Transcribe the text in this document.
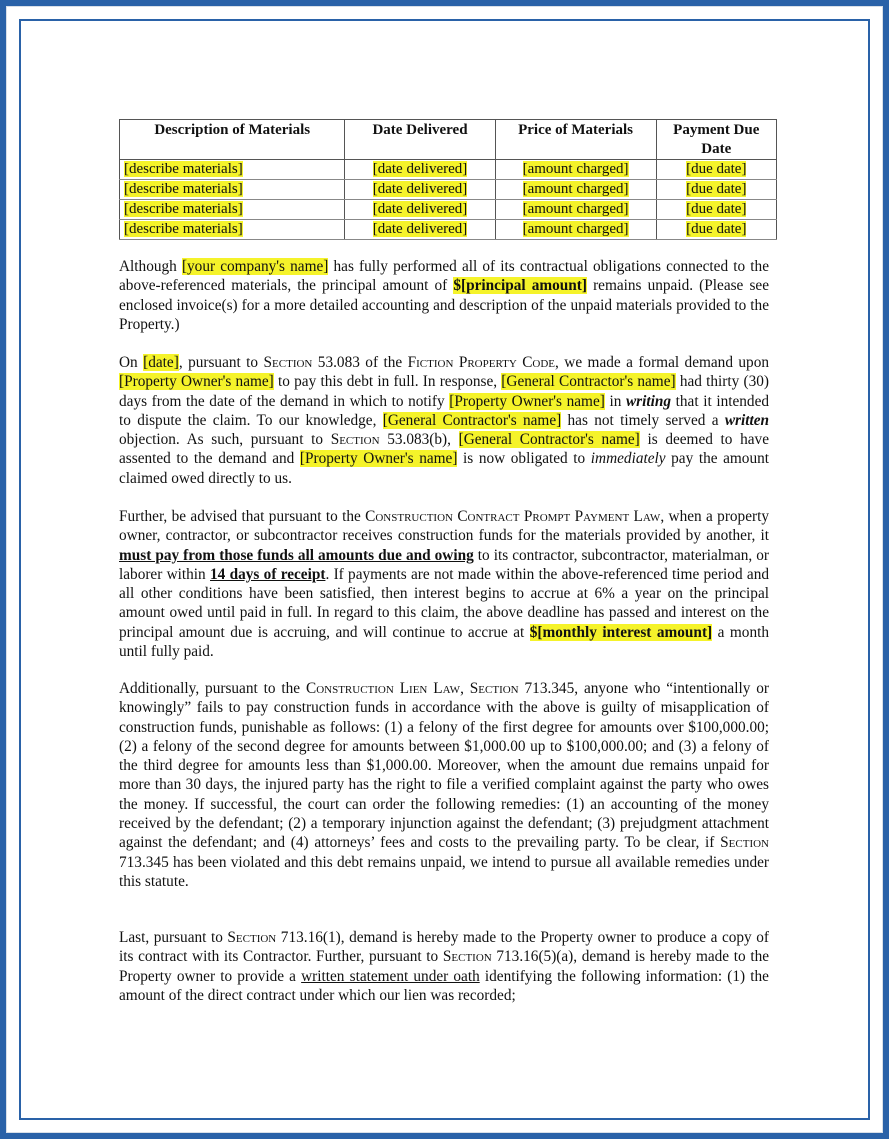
Description of Materials	Date Delivered	Price of Materials	Payment Due Date
[describe materials]	[date delivered]	[amount charged]	[due date]
[describe materials]	[date delivered]	[amount charged]	[due date]
[describe materials]	[date delivered]	[amount charged]	[due date]
[describe materials]	[date delivered]	[amount charged]	[due date]

Although [your company's name] has fully performed all of its contractual obligations connected to the above-referenced materials, the principal amount of $[principal amount] remains unpaid. (Please see enclosed invoice(s) for a more detailed accounting and description of the unpaid materials provided to the Property.)

On [date], pursuant to Section 53.083 of the Fiction Property Code, we made a formal demand upon [Property Owner's name] to pay this debt in full. In response, [General Contractor's name] had thirty (30) days from the date of the demand in which to notify [Property Owner's name] in writing that it intended to dispute the claim. To our knowledge, [General Contractor's name] has not timely served a written objection. As such, pursuant to Section 53.083(b), [General Contractor's name] is deemed to have assented to the demand and [Property Owner's name] is now obligated to immediately pay the amount claimed owed directly to us.

Further, be advised that pursuant to the Construction Contract Prompt Payment Law, when a property owner, contractor, or subcontractor receives construction funds for the materials provided by another, it must pay from those funds all amounts due and owing to its contractor, subcontractor, materialman, or laborer within 14 days of receipt. If payments are not made within the above-referenced time period and all other conditions have been satisfied, then interest begins to accrue at 6% a year on the principal amount owed until paid in full. In regard to this claim, the above deadline has passed and interest on the principal amount due is accruing, and will continue to accrue at $[monthly interest amount] a month until fully paid.

Additionally, pursuant to the Construction Lien Law, Section 713.345, anyone who “intentionally or knowingly” fails to pay construction funds in accordance with the above is guilty of misapplication of construction funds, punishable as follows: (1) a felony of the first degree for amounts over $100,000.00; (2) a felony of the second degree for amounts between $1,000.00 up to $100,000.00; and (3) a felony of the third degree for amounts less than $1,000.00. Moreover, when the amount due remains unpaid for more than 30 days, the injured party has the right to file a verified complaint against the party who owes the money. If successful, the court can order the following remedies: (1) an accounting of the money received by the defendant; (2) a temporary injunction against the defendant; (3) prejudgment attachment against the defendant; and (4) attorneys’ fees and costs to the prevailing party. To be clear, if Section 713.345 has been violated and this debt remains unpaid, we intend to pursue all available remedies under this statute.

Last, pursuant to Section 713.16(1), demand is hereby made to the Property owner to produce a copy of its contract with its Contractor. Further, pursuant to Section 713.16(5)(a), demand is hereby made to the Property owner to provide a written statement under oath identifying the following information: (1) the amount of the direct contract under which our lien was recorded;
